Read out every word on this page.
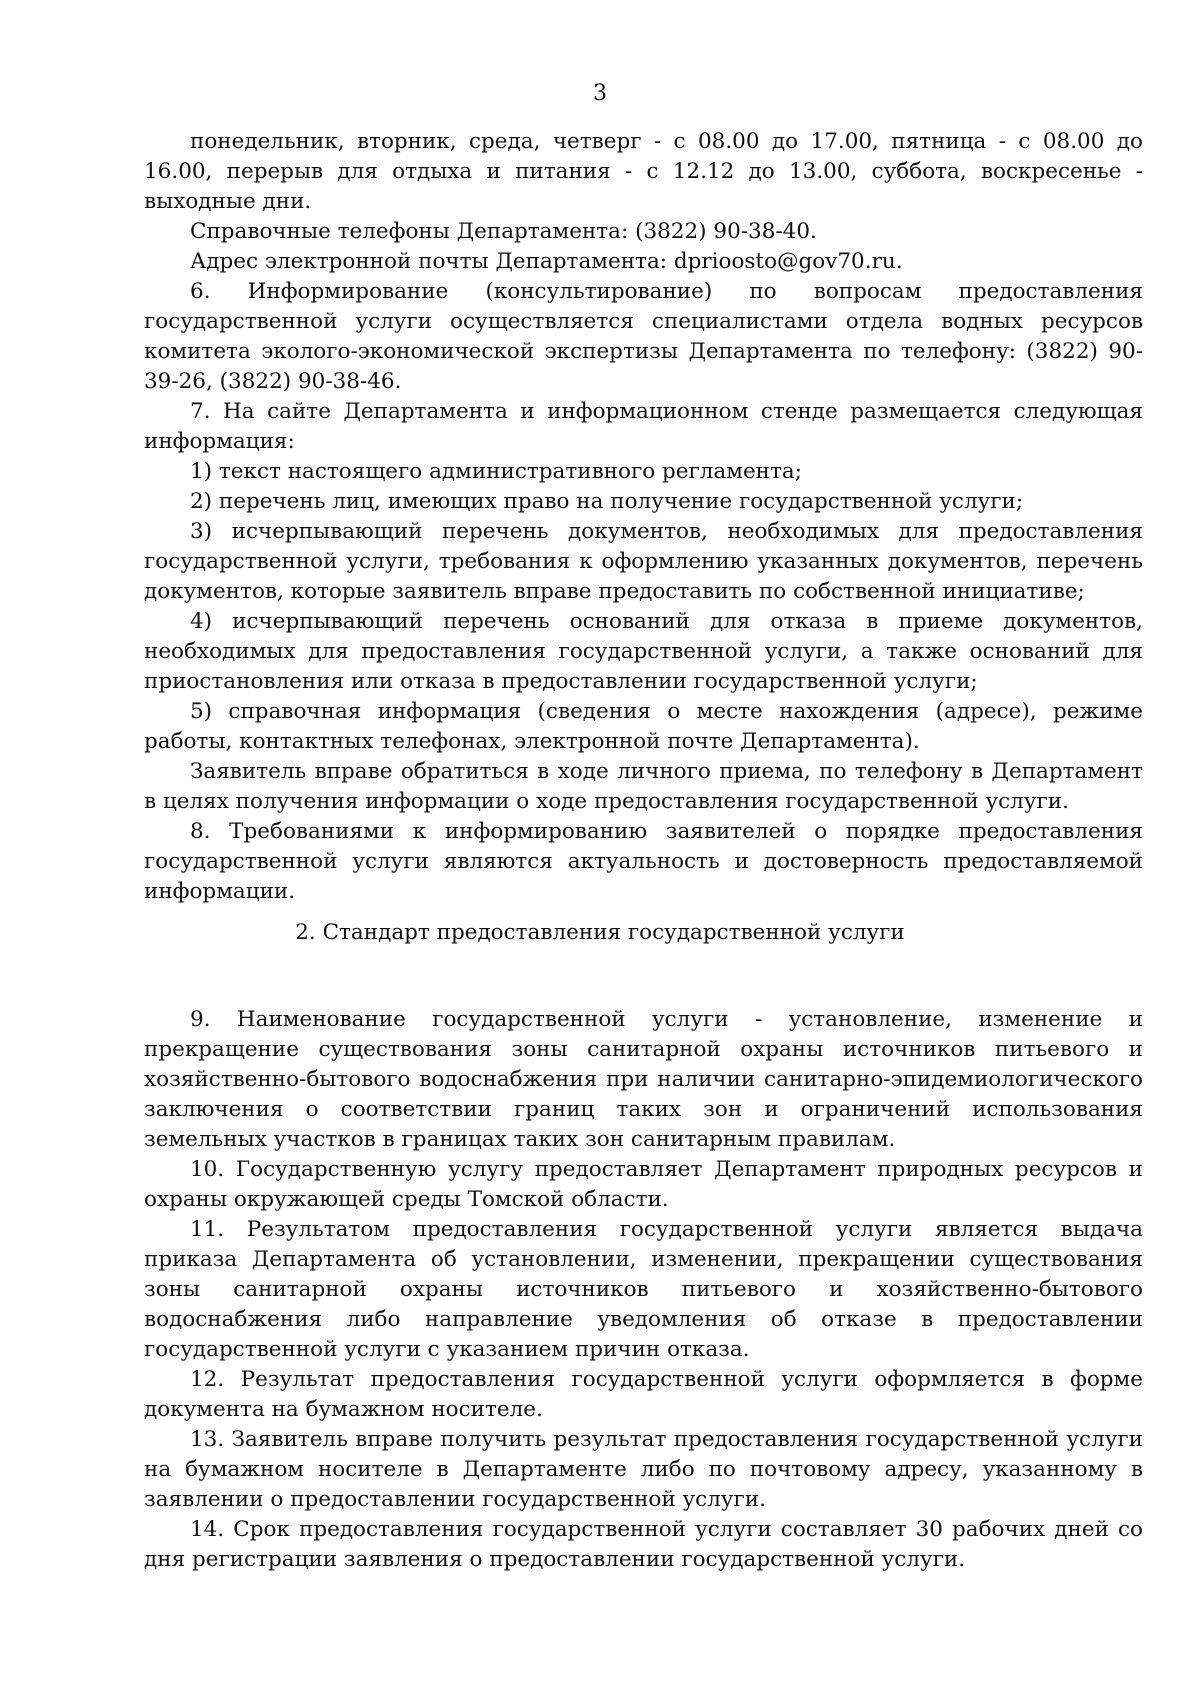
3

понедельник, вторник, среда, четверг - с 08.00 до 17.00, пятница - с 08.00 до 16.00, перерыв для отдыха и питания - с 12.12 до 13.00, суббота, воскресенье - выходные дни.

Справочные телефоны Департамента: (3822) 90-38-40.

Адрес электронной почты Департамента: dprioosto@gov70.ru.

6. Информирование (консультирование) по вопросам предоставления государственной услуги осуществляется специалистами отдела водных ресурсов комитета эколого-экономической экспертизы Департамента по телефону: (3822) 90-39-26, (3822) 90-38-46.

7. На сайте Департамента и информационном стенде размещается следующая информация:

1) текст настоящего административного регламента;

2) перечень лиц, имеющих право на получение государственной услуги;

3) исчерпывающий перечень документов, необходимых для предоставления государственной услуги, требования к оформлению указанных документов, перечень документов, которые заявитель вправе предоставить по собственной инициативе;

4) исчерпывающий перечень оснований для отказа в приеме документов, необходимых для предоставления государственной услуги, а также оснований для приостановления или отказа в предоставлении государственной услуги;

5) справочная информация (сведения о месте нахождения (адресе), режиме работы, контактных телефонах, электронной почте Департамента).

Заявитель вправе обратиться в ходе личного приема, по телефону в Департамент в целях получения информации о ходе предоставления государственной услуги.

8. Требованиями к информированию заявителей о порядке предоставления государственной услуги являются актуальность и достоверность предоставляемой информации.

2. Стандарт предоставления государственной услуги

9. Наименование государственной услуги - установление, изменение и прекращение существования зоны санитарной охраны источников питьевого и хозяйственно-бытового водоснабжения при наличии санитарно-эпидемиологического заключения о соответствии границ таких зон и ограничений использования земельных участков в границах таких зон санитарным правилам.

10. Государственную услугу предоставляет Департамент природных ресурсов и охраны окружающей среды Томской области.

11. Результатом предоставления государственной услуги является выдача приказа Департамента об установлении, изменении, прекращении существования зоны санитарной охраны источников питьевого и хозяйственно-бытового водоснабжения либо направление уведомления об отказе в предоставлении государственной услуги с указанием причин отказа.

12. Результат предоставления государственной услуги оформляется в форме документа на бумажном носителе.

13. Заявитель вправе получить результат предоставления государственной услуги на бумажном носителе в Департаменте либо по почтовому адресу, указанному в заявлении о предоставлении государственной услуги.

14. Срок предоставления государственной услуги составляет 30 рабочих дней со дня регистрации заявления о предоставлении государственной услуги.
